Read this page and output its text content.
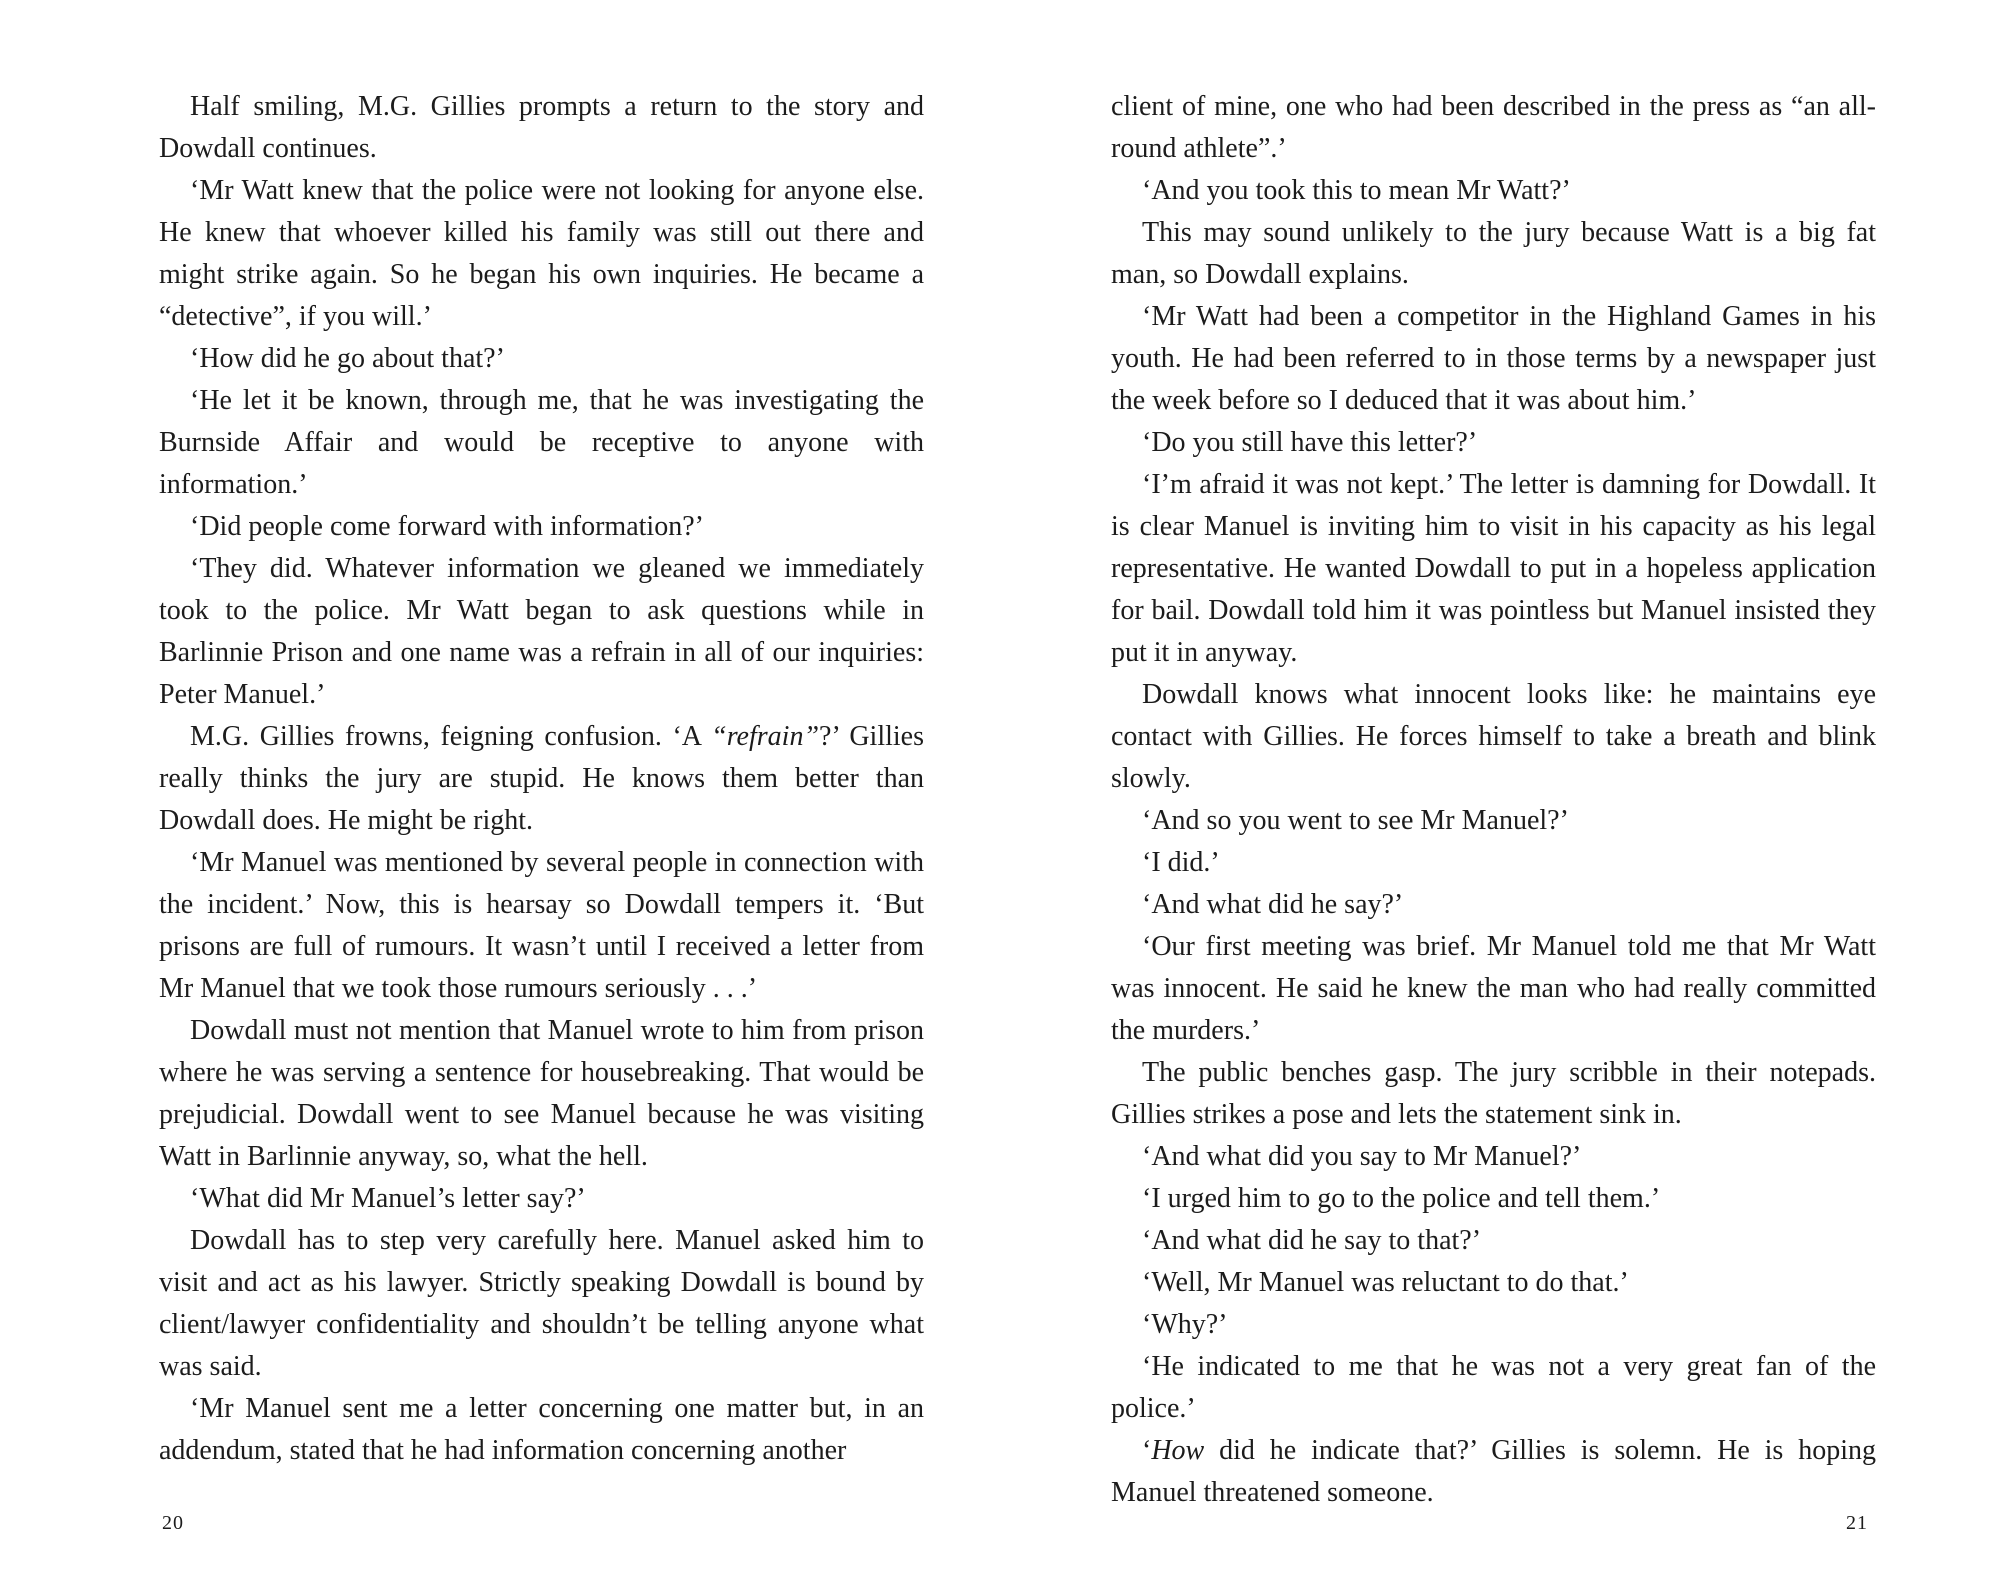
Half smiling, M.G. Gillies prompts a return to the story and Dowdall continues.

‘Mr Watt knew that the police were not looking for anyone else. He knew that whoever killed his family was still out there and might strike again. So he began his own inquiries. He became a “detective”, if you will.’

‘How did he go about that?’

‘He let it be known, through me, that he was investigating the Burnside Affair and would be receptive to anyone with information.’

‘Did people come forward with information?’

‘They did. Whatever information we gleaned we immediately took to the police. Mr Watt began to ask questions while in Barlinnie Prison and one name was a refrain in all of our inquiries: Peter Manuel.’

M.G. Gillies frowns, feigning confusion. ‘A “refrain”?’ Gillies really thinks the jury are stupid. He knows them better than Dowdall does. He might be right.

‘Mr Manuel was mentioned by several people in connection with the incident.’ Now, this is hearsay so Dowdall tempers it. ‘But prisons are full of rumours. It wasn’t until I received a letter from Mr Manuel that we took those rumours seriously . . .’

Dowdall must not mention that Manuel wrote to him from prison where he was serving a sentence for housebreaking. That would be prejudicial. Dowdall went to see Manuel because he was visiting Watt in Barlinnie anyway, so, what the hell.

‘What did Mr Manuel’s letter say?’

Dowdall has to step very carefully here. Manuel asked him to visit and act as his lawyer. Strictly speaking Dowdall is bound by client/lawyer confidentiality and shouldn’t be telling anyone what was said.

‘Mr Manuel sent me a letter concerning one matter but, in an addendum, stated that he had information concerning another

20

client of mine, one who had been described in the press as “an all-round athlete”.’

‘And you took this to mean Mr Watt?’

This may sound unlikely to the jury because Watt is a big fat man, so Dowdall explains.

‘Mr Watt had been a competitor in the Highland Games in his youth. He had been referred to in those terms by a newspaper just the week before so I deduced that it was about him.’

‘Do you still have this letter?’

‘I’m afraid it was not kept.’ The letter is damning for Dowdall. It is clear Manuel is inviting him to visit in his capacity as his legal representative. He wanted Dowdall to put in a hopeless application for bail. Dowdall told him it was pointless but Manuel insisted they put it in anyway.

Dowdall knows what innocent looks like: he maintains eye contact with Gillies. He forces himself to take a breath and blink slowly.

‘And so you went to see Mr Manuel?’

‘I did.’

‘And what did he say?’

‘Our first meeting was brief. Mr Manuel told me that Mr Watt was innocent. He said he knew the man who had really committed the murders.’

The public benches gasp. The jury scribble in their notepads. Gillies strikes a pose and lets the statement sink in.

‘And what did you say to Mr Manuel?’

‘I urged him to go to the police and tell them.’

‘And what did he say to that?’

‘Well, Mr Manuel was reluctant to do that.’

‘Why?’

‘He indicated to me that he was not a very great fan of the police.’

‘How did he indicate that?’ Gillies is solemn. He is hoping Manuel threatened someone.

21
